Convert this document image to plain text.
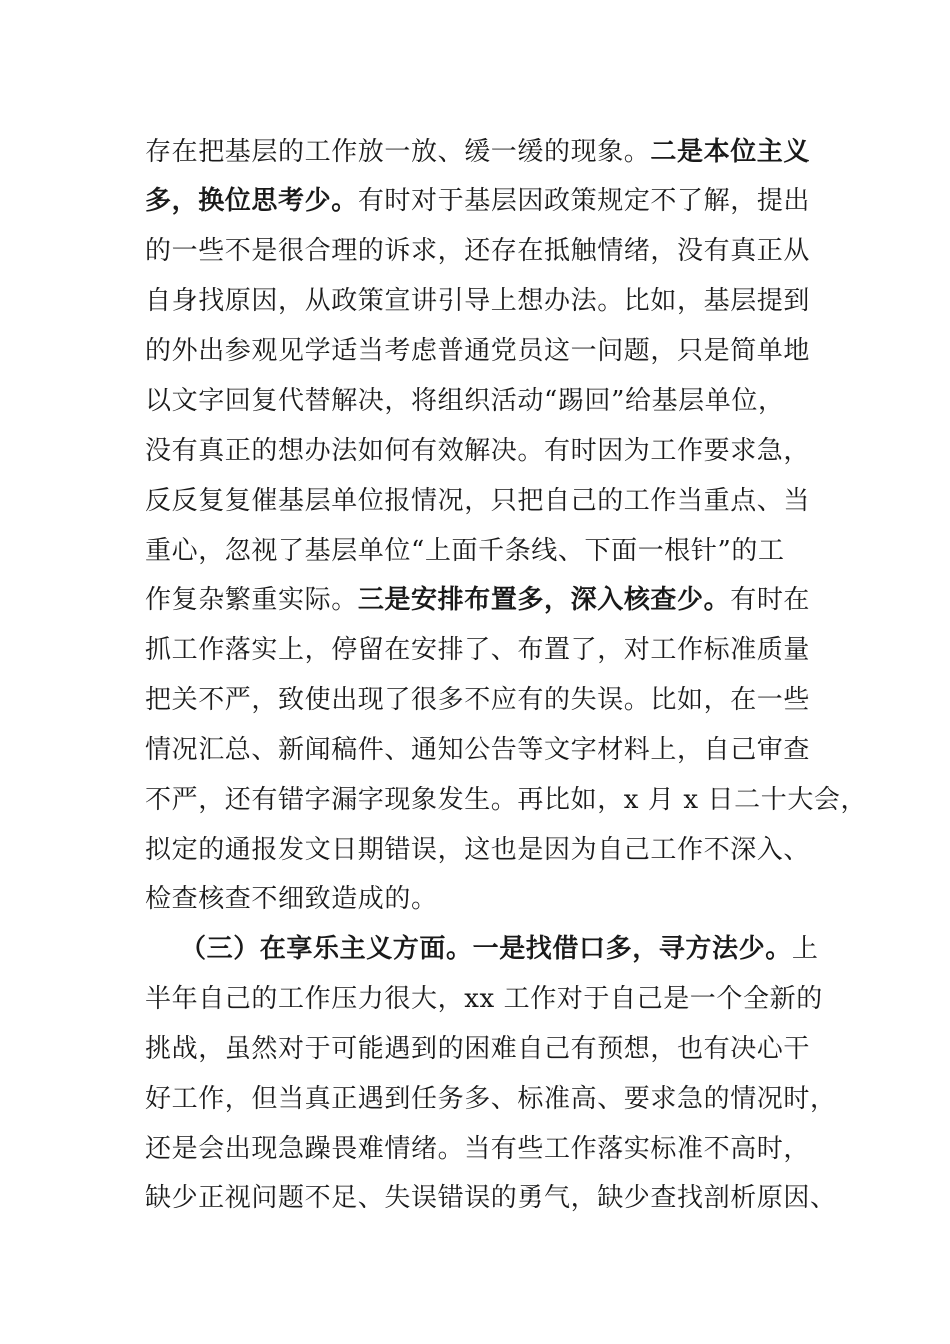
存在把基层的工作放一放、缓一缓的现象。二是本位主义
多，换位思考少。有时对于基层因政策规定不了解，提出
的一些不是很合理的诉求，还存在抵触情绪，没有真正从
自身找原因，从政策宣讲引导上想办法。比如，基层提到
的外出参观见学适当考虑普通党员这一问题，只是简单地
以文字回复代替解决，将组织活动“踢回”给基层单位，
没有真正的想办法如何有效解决。有时因为工作要求急，
反反复复催基层单位报情况，只把自己的工作当重点、当
重心，忽视了基层单位“上面千条线、下面一根针”的工
作复杂繁重实际。三是安排布置多，深入核查少。有时在
抓工作落实上，停留在安排了、布置了，对工作标准质量
把关不严，致使出现了很多不应有的失误。比如，在一些
情况汇总、新闻稿件、通知公告等文字材料上，自己审查
不严，还有错字漏字现象发生。再比如，x 月 x 日二十大会，
拟定的通报发文日期错误，这也是因为自己工作不深入、
检查核查不细致造成的。
（三）在享乐主义方面。一是找借口多，寻方法少。上
半年自己的工作压力很大，xx 工作对于自己是一个全新的
挑战，虽然对于可能遇到的困难自己有预想，也有决心干
好工作，但当真正遇到任务多、标准高、要求急的情况时，
还是会出现急躁畏难情绪。当有些工作落实标准不高时，
缺少正视问题不足、失误错误的勇气，缺少查找剖析原因、
